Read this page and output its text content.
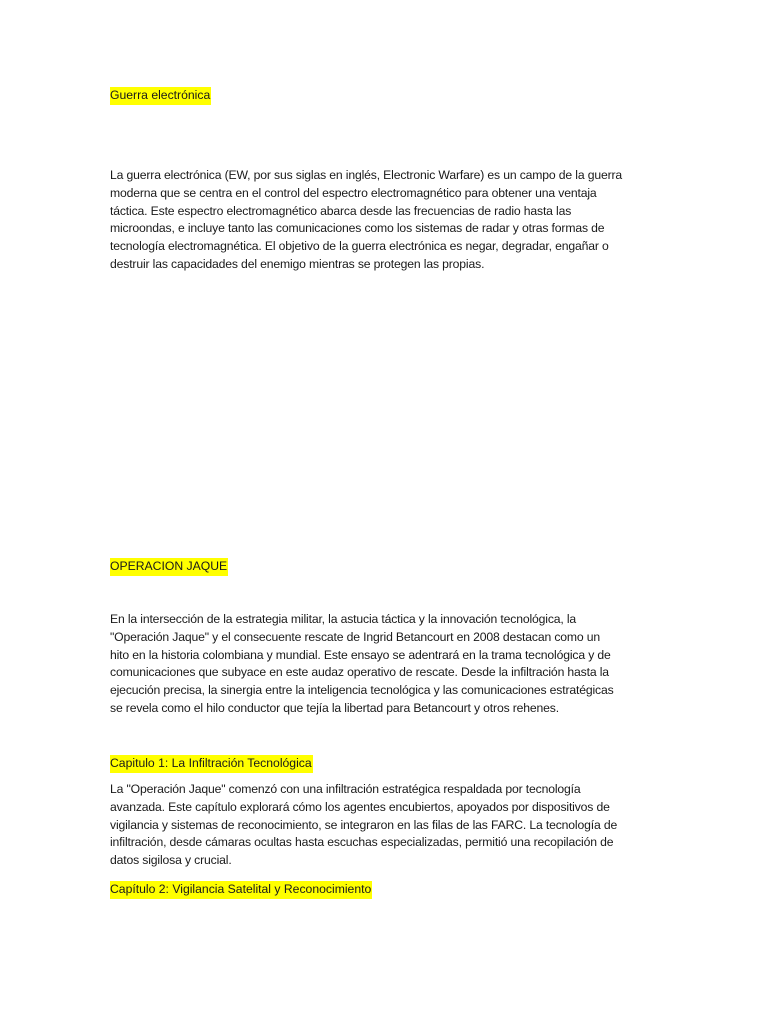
Guerra electrónica
La guerra electrónica (EW, por sus siglas en inglés, Electronic Warfare) es un campo de la guerra
moderna que se centra en el control del espectro electromagnético para obtener una ventaja
táctica. Este espectro electromagnético abarca desde las frecuencias de radio hasta las
microondas, e incluye tanto las comunicaciones como los sistemas de radar y otras formas de
tecnología electromagnética. El objetivo de la guerra electrónica es negar, degradar, engañar o
destruir las capacidades del enemigo mientras se protegen las propias.
OPERACION JAQUE
En la intersección de la estrategia militar, la astucia táctica y la innovación tecnológica, la
"Operación Jaque" y el consecuente rescate de Ingrid Betancourt en 2008 destacan como un
hito en la historia colombiana y mundial. Este ensayo se adentrará en la trama tecnológica y de
comunicaciones que subyace en este audaz operativo de rescate. Desde la infiltración hasta la
ejecución precisa, la sinergia entre la inteligencia tecnológica y las comunicaciones estratégicas
se revela como el hilo conductor que tejía la libertad para Betancourt y otros rehenes.
Capitulo 1: La Infiltración Tecnológica
La "Operación Jaque" comenzó con una infiltración estratégica respaldada por tecnología
avanzada. Este capítulo explorará cómo los agentes encubiertos, apoyados por dispositivos de
vigilancia y sistemas de reconocimiento, se integraron en las filas de las FARC. La tecnología de
infiltración, desde cámaras ocultas hasta escuchas especializadas, permitió una recopilación de
datos sigilosa y crucial.
Capítulo 2: Vigilancia Satelital y Reconocimiento
